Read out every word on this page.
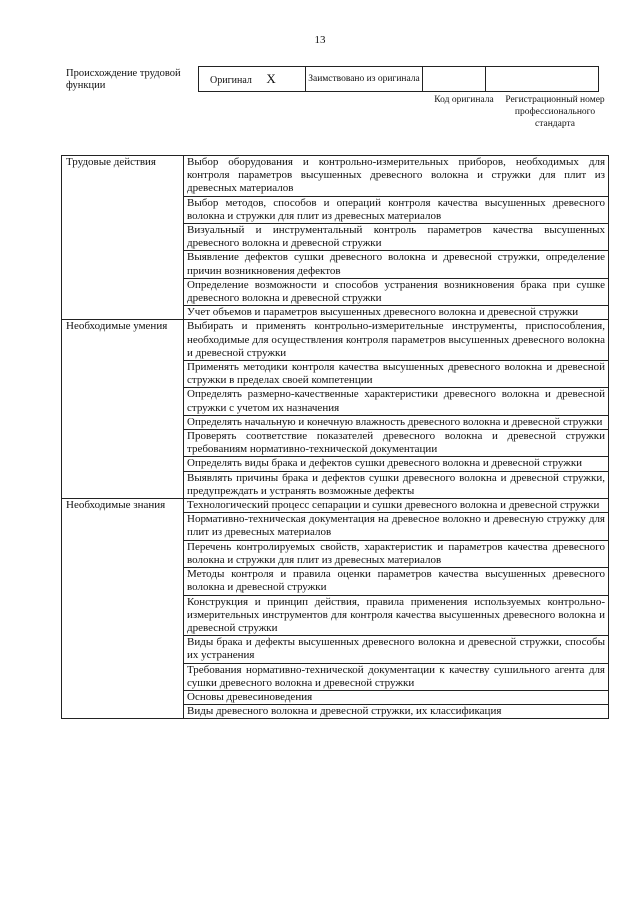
13
Происхождение трудовой функции	Оригинал X	Заимствовано из оригинала		
Код оригинала	Регистрационный номер профессионального стандарта
Трудовые действия	Выбор оборудования и контрольно-измерительных приборов, необходимых для контроля параметров высушенных древесного волокна и стружки для плит из древесных материалов
	Выбор методов, способов и операций контроля качества высушенных древесного волокна и стружки для плит из древесных материалов
	Визуальный и инструментальный контроль параметров качества высушенных древесного волокна и древесной стружки
	Выявление дефектов сушки древесного волокна и древесной стружки, определение причин возникновения дефектов
	Определение возможности и способов устранения возникновения брака при сушке древесного волокна и древесной стружки
	Учет объемов и параметров высушенных древесного волокна и древесной стружки
Необходимые умения	Выбирать и применять контрольно-измерительные инструменты, приспособления, необходимые для осуществления контроля параметров высушенных древесного волокна и древесной стружки
	Применять методики контроля качества высушенных древесного волокна и древесной стружки в пределах своей компетенции
	Определять размерно-качественные характеристики древесного волокна и древесной стружки с учетом их назначения
	Определять начальную и конечную влажность древесного волокна и древесной стружки
	Проверять соответствие показателей древесного волокна и древесной стружки требованиям нормативно-технической документации
	Определять виды брака и дефектов сушки древесного волокна и древесной стружки
	Выявлять причины брака и дефектов сушки древесного волокна и древесной стружки, предупреждать и устранять возможные дефекты
Необходимые знания	Технологический процесс сепарации и сушки древесного волокна и древесной стружки
	Нормативно-техническая документация на древесное волокно и древесную стружку для плит из древесных материалов
	Перечень контролируемых свойств, характеристик и параметров качества древесного волокна и стружки для плит из древесных материалов
	Методы контроля и правила оценки параметров качества высушенных древесного волокна и древесной стружки
	Конструкция и принцип действия, правила применения используемых контрольно-измерительных инструментов для контроля качества высушенных древесного волокна и древесной стружки
	Виды брака и дефекты высушенных древесного волокна и древесной стружки, способы их устранения
	Требования нормативно-технической документации к качеству сушильного агента для сушки древесного волокна и древесной стружки
	Основы древесиноведения
	Виды древесного волокна и древесной стружки, их классификация
